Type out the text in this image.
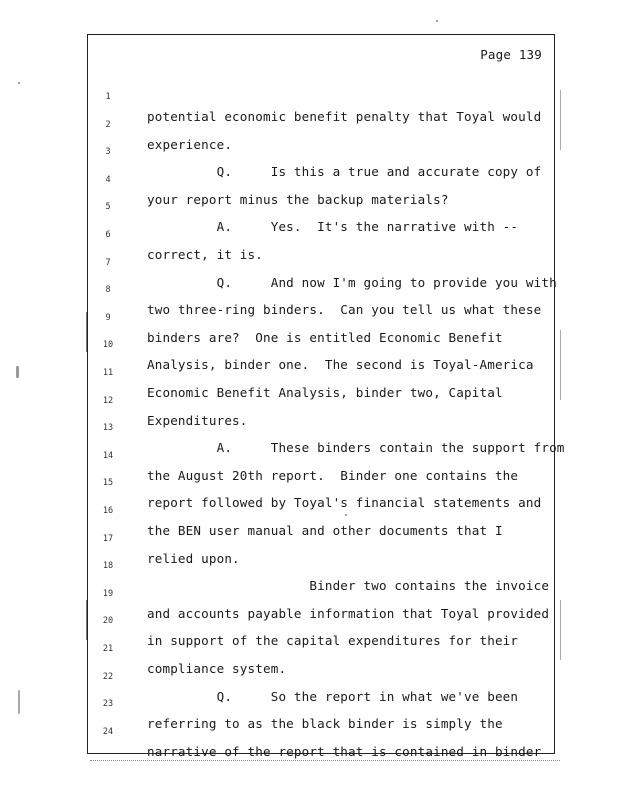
Page 139

1

potential economic benefit penalty that Toyal would

2

experience.

3

Q.     Is this a true and accurate copy of

4

your report minus the backup materials?

5

A.     Yes.  It's the narrative with --

6

correct, it is.

7

Q.     And now I'm going to provide you with

8

two three-ring binders.  Can you tell us what these

9

binders are?  One is entitled Economic Benefit

10

Analysis, binder one.  The second is Toyal-America

11

Economic Benefit Analysis, binder two, Capital

12

Expenditures.

13

A.     These binders contain the support from

14

the August 20th report.  Binder one contains the

15

report followed by Toyal's financial statements and

16

the BEN user manual and other documents that I

17

relied upon.

18

Binder two contains the invoice

19

and accounts payable information that Toyal provided

20

in support of the capital expenditures for their

21

compliance system.

22

Q.     So the report in what we've been

23

referring to as the black binder is simply the

24

narrative of the report that is contained in binder
